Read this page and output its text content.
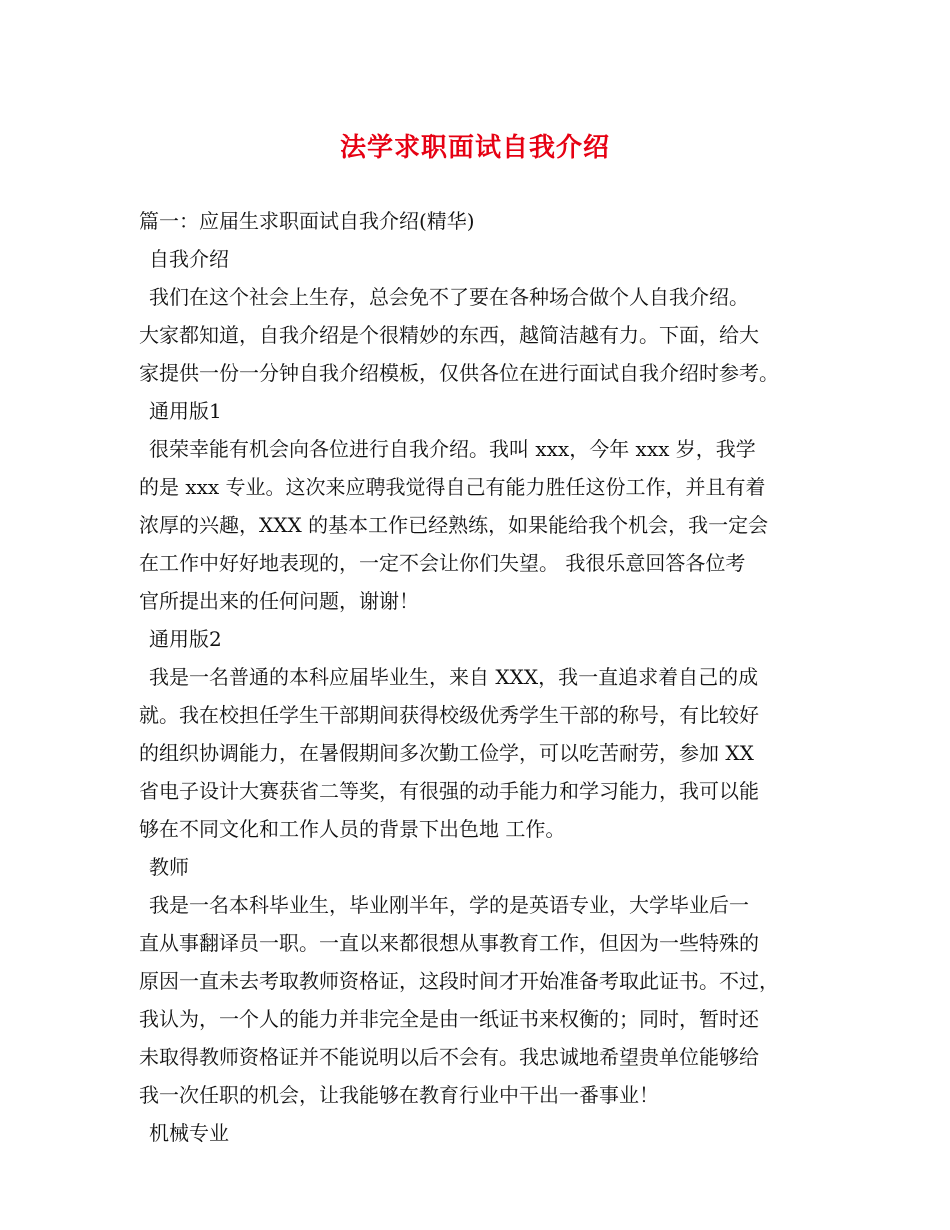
法学求职面试自我介绍
篇一：应届生求职面试自我介绍(精华)
自我介绍
我们在这个社会上生存，总会免不了要在各种场合做个人自我介绍。
大家都知道，自我介绍是个很精妙的东西，越简洁越有力。下面，给大
家提供一份一分钟自我介绍模板，仅供各位在进行面试自我介绍时参考。
通用版1
很荣幸能有机会向各位进行自我介绍。我叫 xxx，今年 xxx 岁，我学
的是 xxx 专业。这次来应聘我觉得自己有能力胜任这份工作，并且有着
浓厚的兴趣，XXX 的基本工作已经熟练，如果能给我个机会，我一定会
在工作中好好地表现的，一定不会让你们失望。 我很乐意回答各位考
官所提出来的任何问题，谢谢！
通用版2
我是一名普通的本科应届毕业生，来自 XXX，我一直追求着自己的成
就。我在校担任学生干部期间获得校级优秀学生干部的称号，有比较好
的组织协调能力，在暑假期间多次勤工俭学，可以吃苦耐劳，参加 XX
省电子设计大赛获省二等奖，有很强的动手能力和学习能力，我可以能
够在不同文化和工作人员的背景下出色地 工作。
教师
我是一名本科毕业生，毕业刚半年，学的是英语专业，大学毕业后一
直从事翻译员一职。一直以来都很想从事教育工作，但因为一些特殊的
原因一直未去考取教师资格证，这段时间才开始准备考取此证书。不过，
我认为，一个人的能力并非完全是由一纸证书来权衡的；同时，暂时还
未取得教师资格证并不能说明以后不会有。我忠诚地希望贵单位能够给
我一次任职的机会，让我能够在教育行业中干出一番事业！
机械专业
